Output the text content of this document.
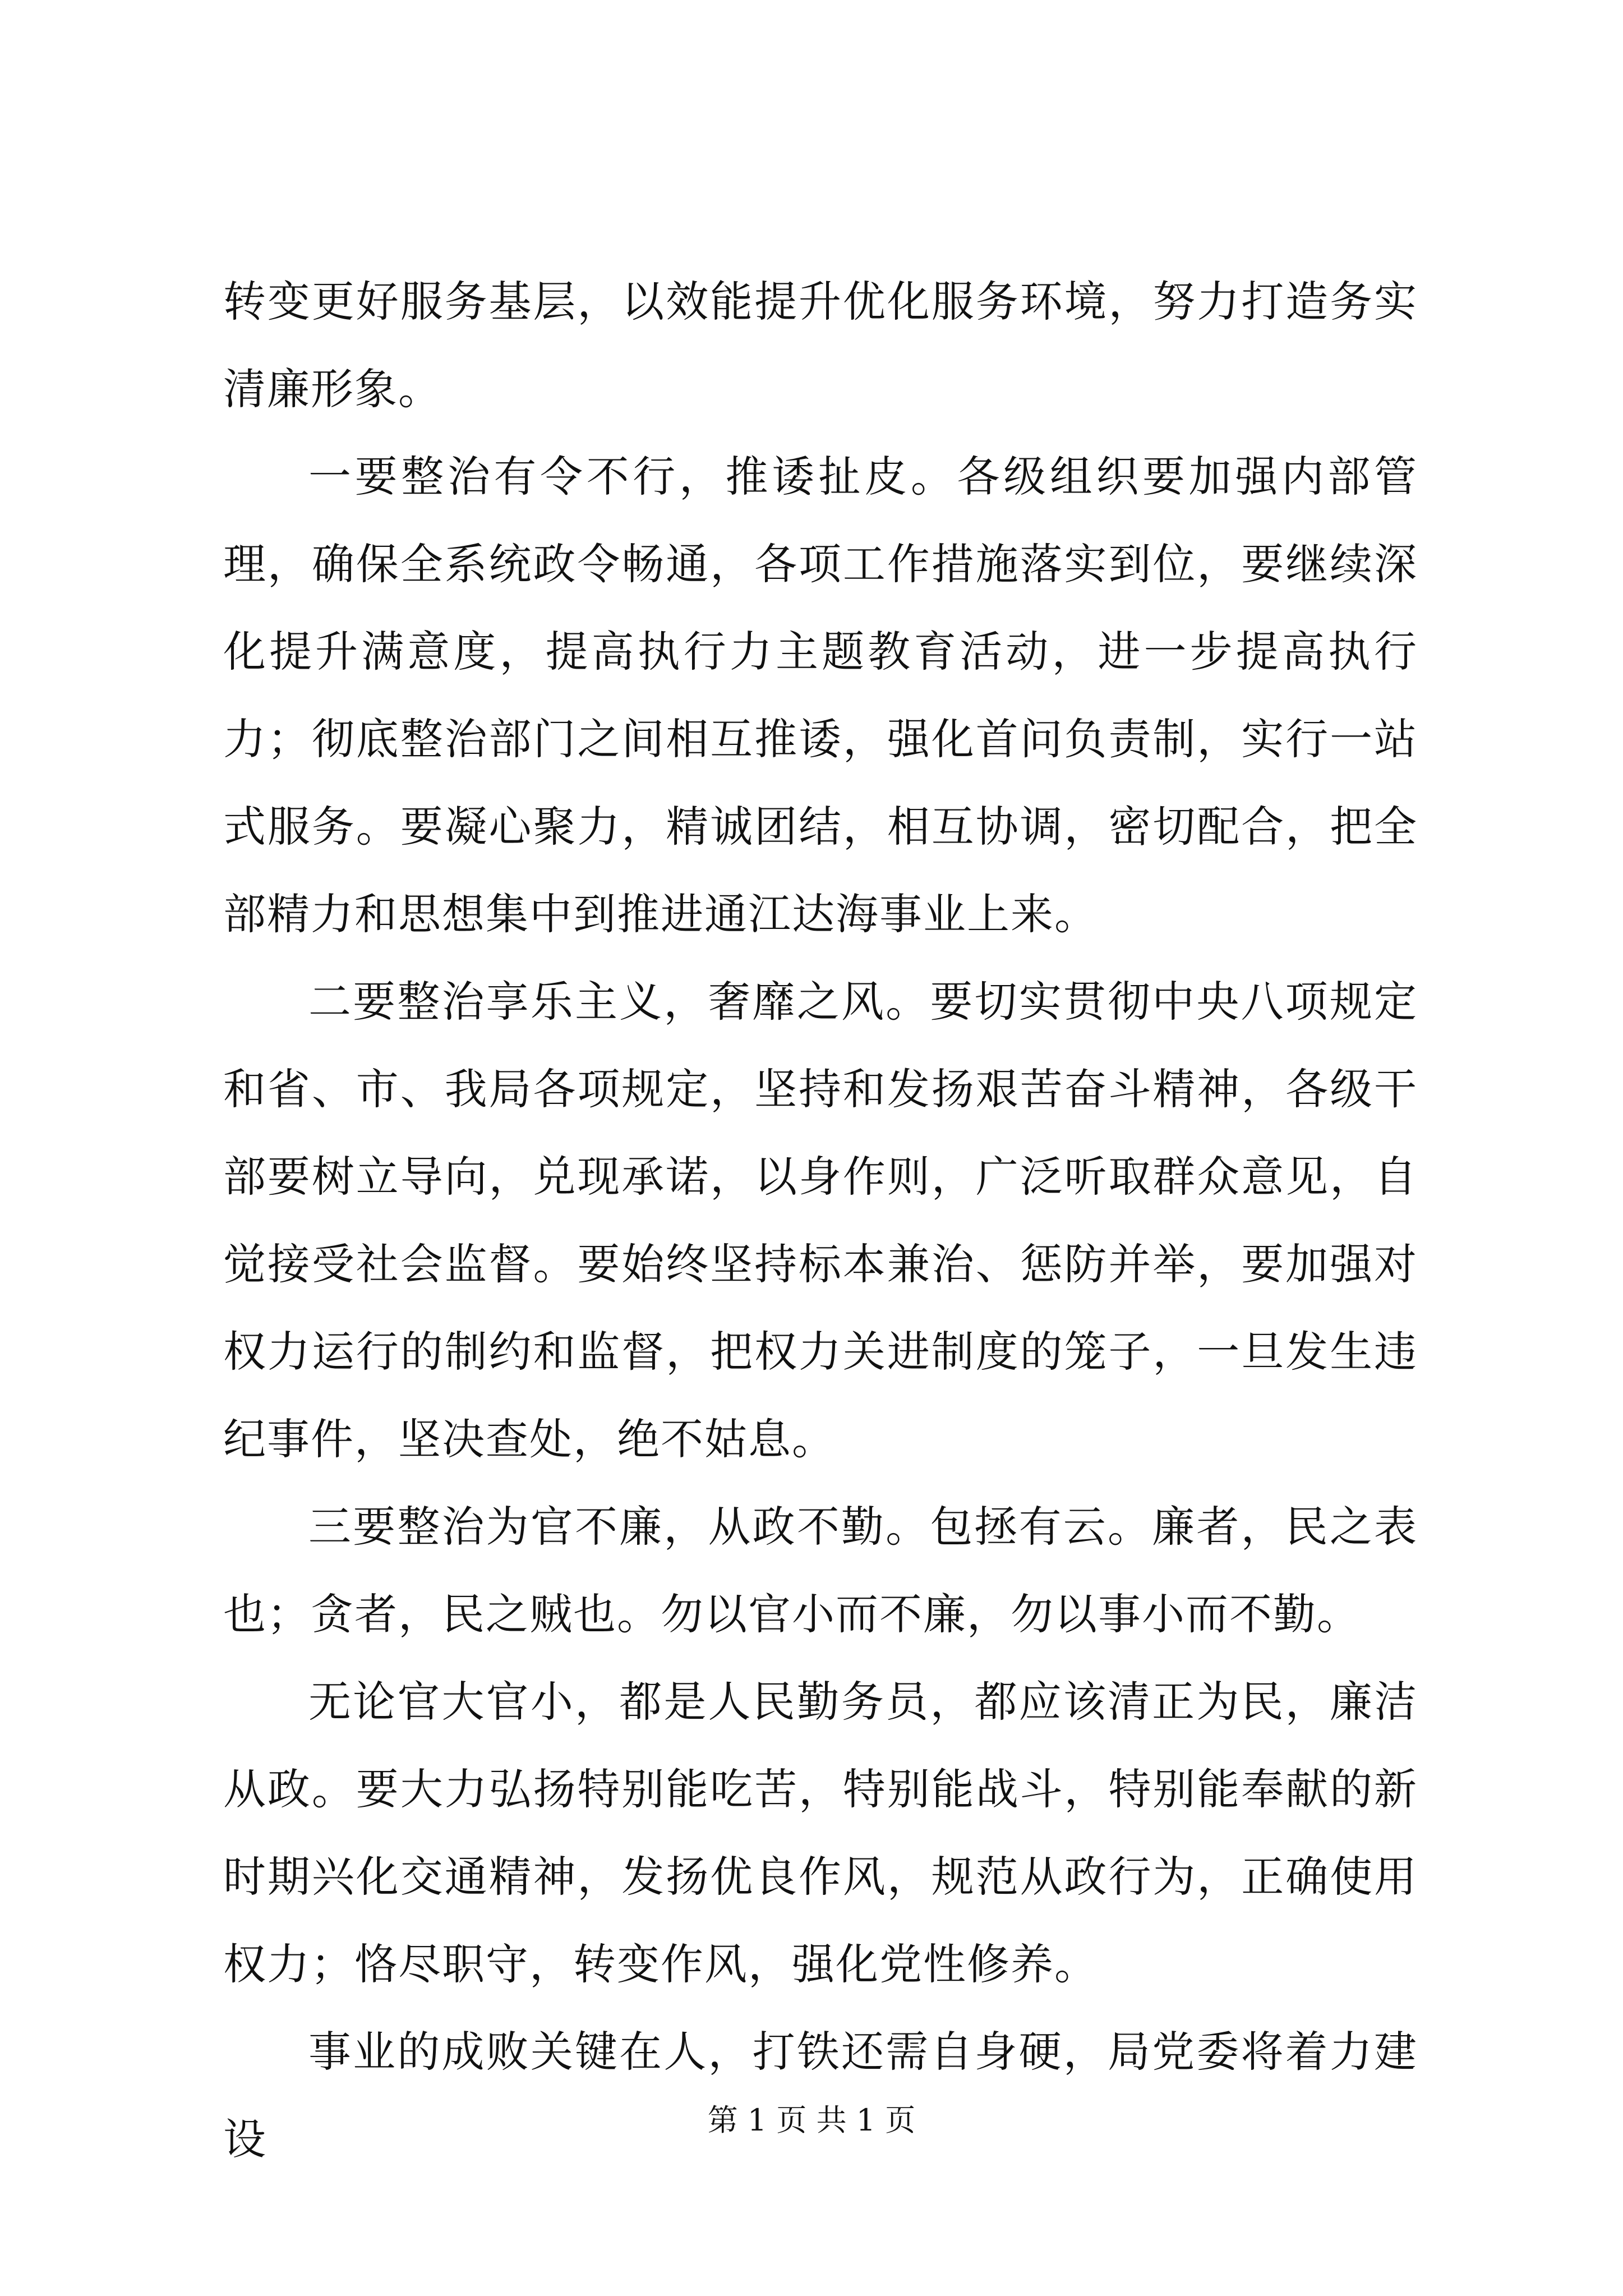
转变更好服务基层，以效能提升优化服务环境，努力打造务实清廉形象。

一要整治有令不行，推诿扯皮。各级组织要加强内部管理，确保全系统政令畅通，各项工作措施落实到位，要继续深化提升满意度，提高执行力主题教育活动，进一步提高执行力；彻底整治部门之间相互推诿，强化首问负责制，实行一站式服务。要凝心聚力，精诚团结，相互协调，密切配合，把全部精力和思想集中到推进通江达海事业上来。

二要整治享乐主义，奢靡之风。要切实贯彻中央八项规定和省、市、我局各项规定，坚持和发扬艰苦奋斗精神，各级干部要树立导向，兑现承诺，以身作则，广泛听取群众意见，自觉接受社会监督。要始终坚持标本兼治、惩防并举，要加强对权力运行的制约和监督，把权力关进制度的笼子，一旦发生违纪事件，坚决查处，绝不姑息。

三要整治为官不廉，从政不勤。包拯有云。廉者，民之表也；贪者，民之贼也。勿以官小而不廉，勿以事小而不勤。

无论官大官小，都是人民勤务员，都应该清正为民，廉洁从政。要大力弘扬特别能吃苦，特别能战斗，特别能奉献的新时期兴化交通精神，发扬优良作风，规范从政行为，正确使用权力；恪尽职守，转变作风，强化党性修养。

事业的成败关键在人，打铁还需自身硬，局党委将着力建设	第 1 页 共 1 页
